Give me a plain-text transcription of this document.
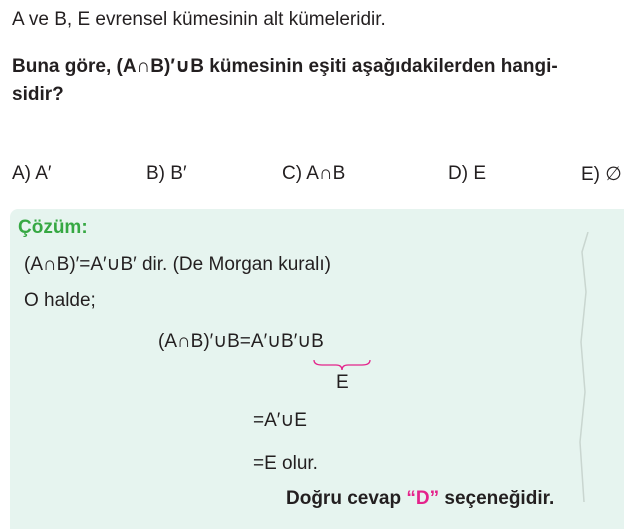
A ve B, E evrensel kümesinin alt kümeleridir.
Buna göre, (A∩B)′∪B kümesinin eşiti aşağıdakilerden hangi-
sidir?
A) A′	B) B′	C) A∩B	D) E	E) ∅
Çözüm:
(A∩B)′=A′∪B′ dir. (De Morgan kuralı)
O halde;
(A∩B)′∪B=A′∪B′∪B
E
=A′∪E
=E olur.
Doğru cevap “D” seçeneğidir.
